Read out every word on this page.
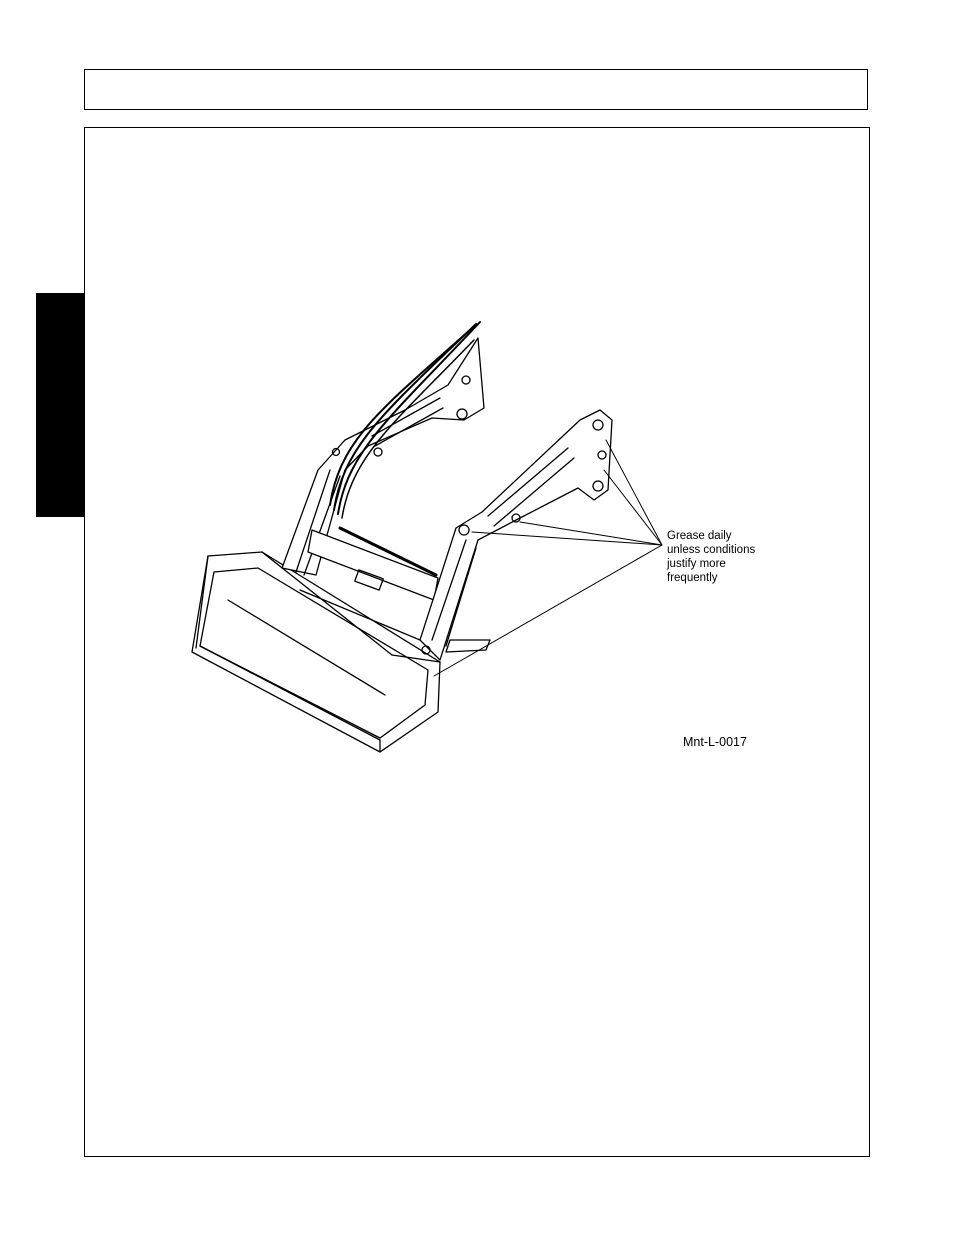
Grease daily
unless conditions
justify more
frequently
Mnt-L-0017
